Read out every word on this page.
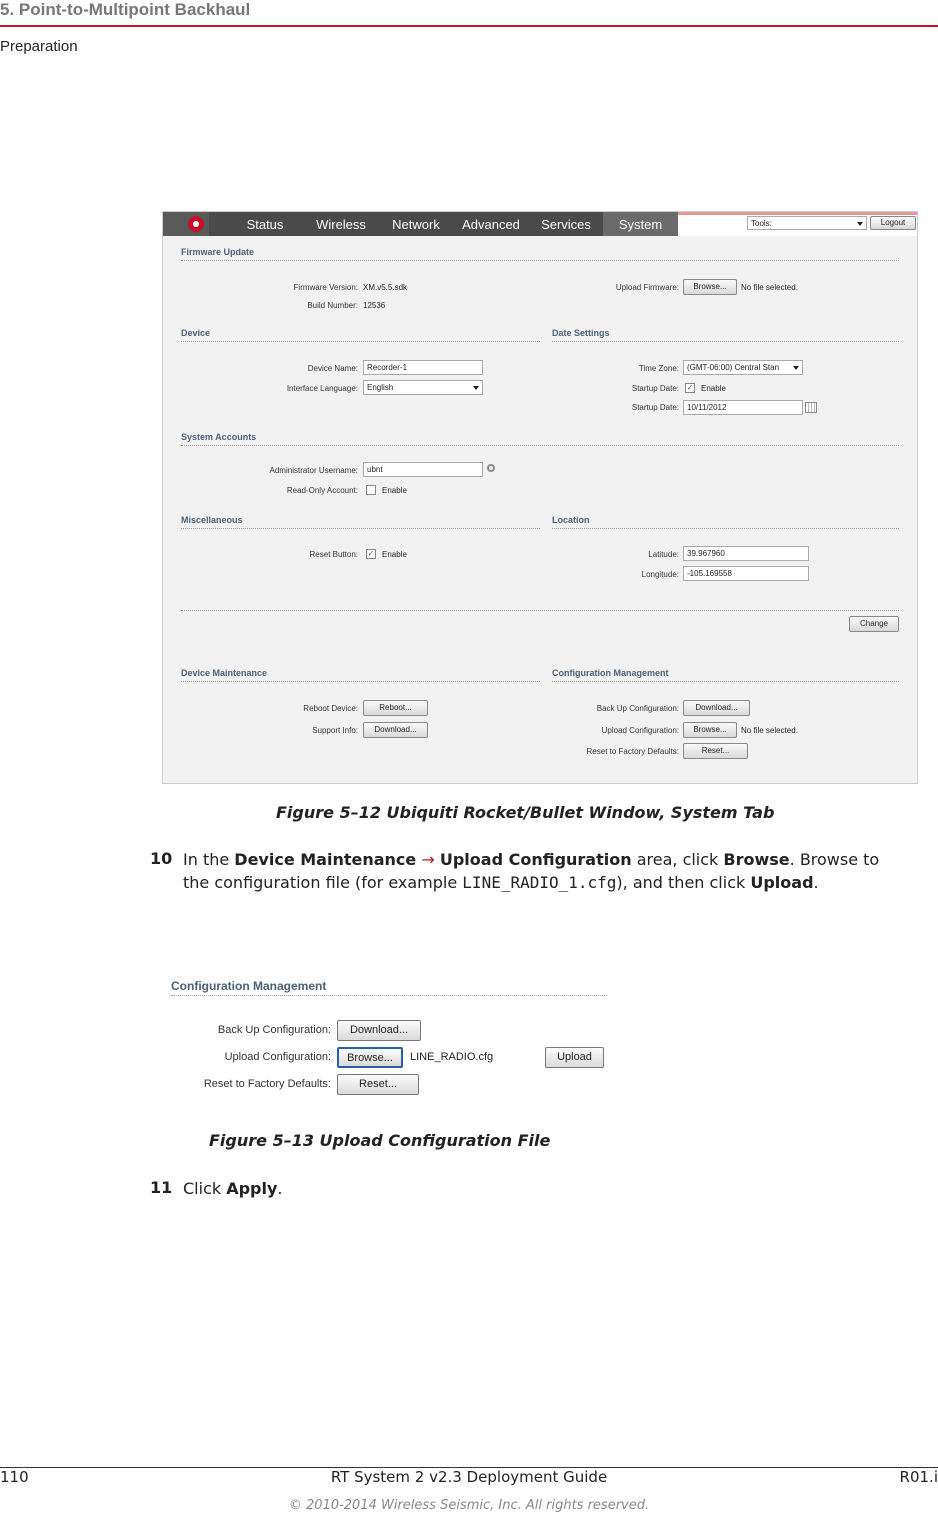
5. Point-to-Multipoint Backhaul
Preparation
Status	Wireless	Network	Advanced	Services	System	Tools:	Logout
Firmware Update
Firmware Version: XM.v5.5.sdk
Build Number: 12536
Upload Firmware:	Browse...	No file selected.
Device
Device Name:	Recorder-1
Interface Language:	English
Date Settings
Time Zone:	(GMT-06:00) Central Stan
Startup Date: ✓ Enable
Startup Date:	10/11/2012
System Accounts
Administrator Username:	ubnt
Read-Only Account:	Enable
Miscellaneous
Reset Button: ✓ Enable
Location
Latitude:	39.967960
Longitude:	-105.169558
Change
Device Maintenance
Reboot Device:	Reboot...
Support Info:	Download...
Configuration Management
Back Up Configuration:	Download...
Upload Configuration:	Browse...	No file selected.
Reset to Factory Defaults:	Reset...
Figure 5–12 Ubiquiti Rocket/Bullet Window, System Tab
10 In the Device Maintenance → Upload Configuration area, click Browse. Browse to
the configuration file (for example LINE_RADIO_1.cfg), and then click Upload.
Configuration Management
Back Up Configuration:	Download...
Upload Configuration:	Browse...	LINE_RADIO.cfg	Upload
Reset to Factory Defaults:	Reset...
Figure 5–13 Upload Configuration File
11 Click Apply.
110	RT System 2 v2.3 Deployment Guide	R01.i
© 2010-2014 Wireless Seismic, Inc. All rights reserved.
